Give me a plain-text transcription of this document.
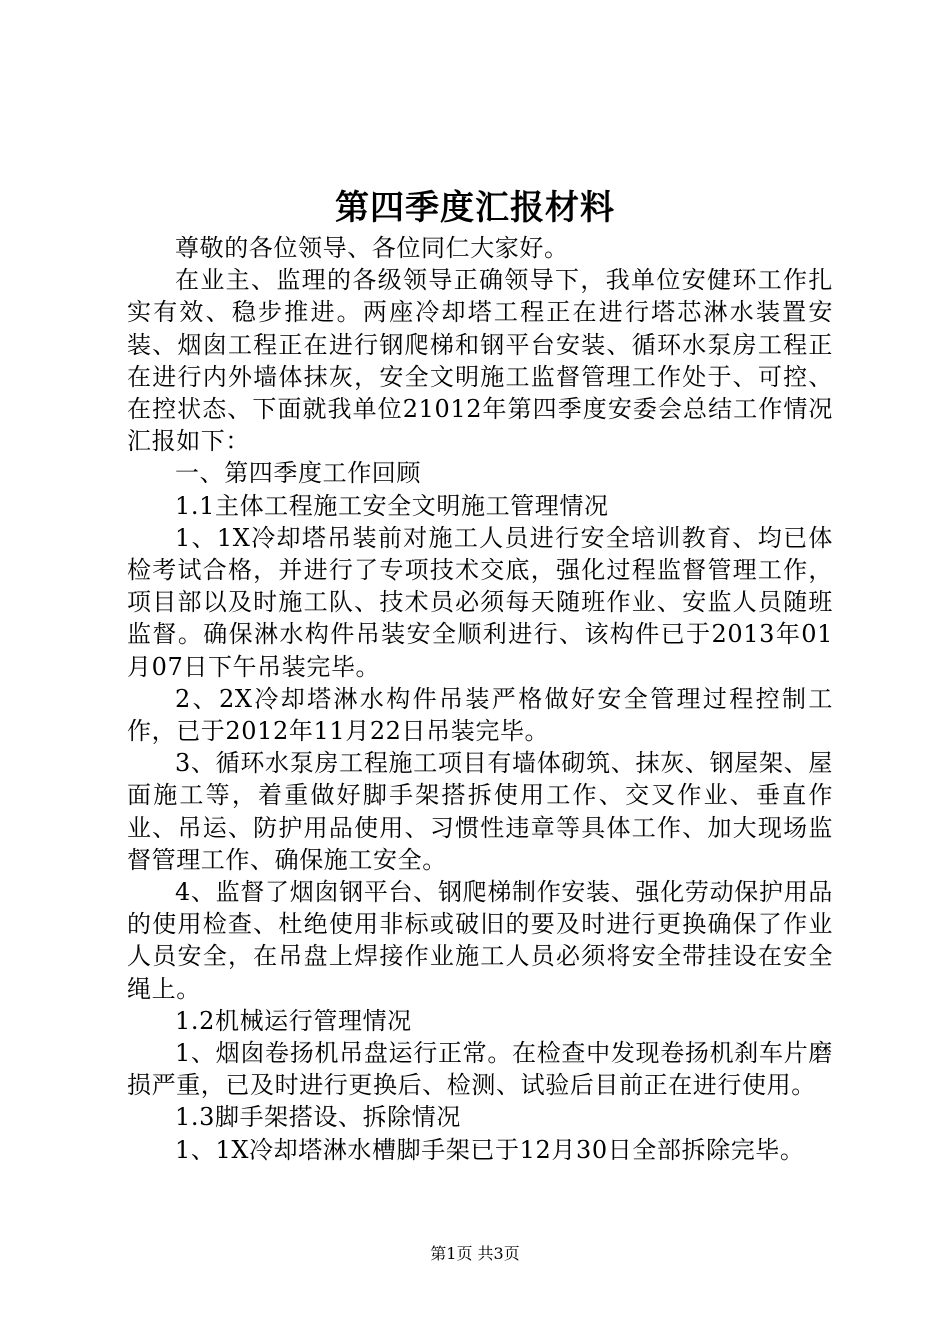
第四季度汇报材料

尊敬的各位领导、各位同仁大家好。

在业主、监理的各级领导正确领导下，我单位安健环工作扎实有效、稳步推进。两座冷却塔工程正在进行塔芯淋水装置安装、烟囱工程正在进行钢爬梯和钢平台安装、循环水泵房工程正在进行内外墙体抹灰，安全文明施工监督管理工作处于、可控、在控状态、下面就我单位21012年第四季度安委会总结工作情况汇报如下：

一、第四季度工作回顾

1.1主体工程施工安全文明施工管理情况

1、1X冷却塔吊装前对施工人员进行安全培训教育、均已体检考试合格，并进行了专项技术交底，强化过程监督管理工作，项目部以及时施工队、技术员必须每天随班作业、安监人员随班监督。确保淋水构件吊装安全顺利进行、该构件已于2013年01月07日下午吊装完毕。

2、2X冷却塔淋水构件吊装严格做好安全管理过程控制工作，已于2012年11月22日吊装完毕。

3、循环水泵房工程施工项目有墙体砌筑、抹灰、钢屋架、屋面施工等，着重做好脚手架搭拆使用工作、交叉作业、垂直作业、吊运、防护用品使用、习惯性违章等具体工作、加大现场监督管理工作、确保施工安全。

4、监督了烟囱钢平台、钢爬梯制作安装、强化劳动保护用品的使用检查、杜绝使用非标或破旧的要及时进行更换确保了作业人员安全，在吊盘上焊接作业施工人员必须将安全带挂设在安全绳上。

1.2机械运行管理情况

1、烟囱卷扬机吊盘运行正常。在检查中发现卷扬机刹车片磨损严重，已及时进行更换后、检测、试验后目前正在进行使用。

1.3脚手架搭设、拆除情况

1、1X冷却塔淋水槽脚手架已于12月30日全部拆除完毕。

第1页 共3页
